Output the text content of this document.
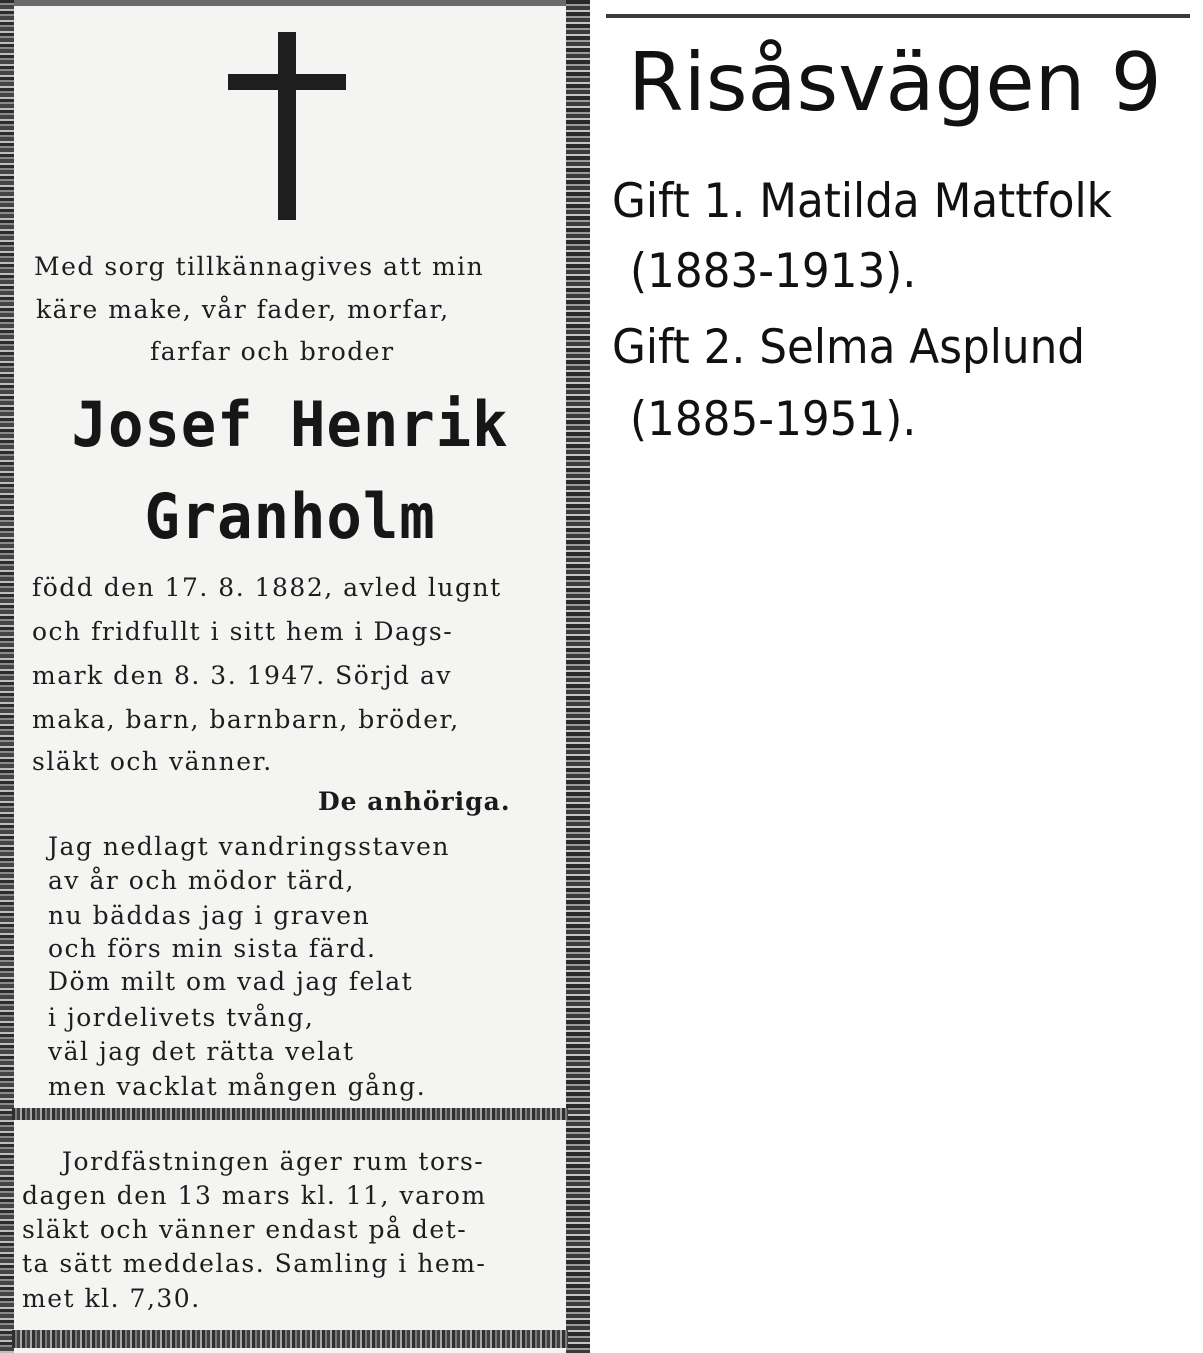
Med sorg tillkännagives att min
käre make, vår fader, morfar,
farfar och broder
Josef Henrik
Granholm
född den 17. 8. 1882, avled lugnt
och fridfullt i sitt hem i Dags-
mark den 8. 3. 1947. Sörjd av
maka, barn, barnbarn, bröder,
släkt och vänner.
De anhöriga.
Jag nedlagt vandringsstaven
av år och mödor tärd,
nu bäddas jag i graven
och förs min sista färd.
Döm milt om vad jag felat
i jordelivets tvång,
väl jag det rätta velat
men vacklat mången gång.
Jordfästningen äger rum tors-
dagen den 13 mars kl. 11, varom
släkt och vänner endast på det-
ta sätt meddelas. Samling i hem-
met kl. 7,30.
Risåsvägen 9
Gift 1. Matilda Mattfolk
(1883-1913).
Gift 2. Selma Asplund
(1885-1951).
